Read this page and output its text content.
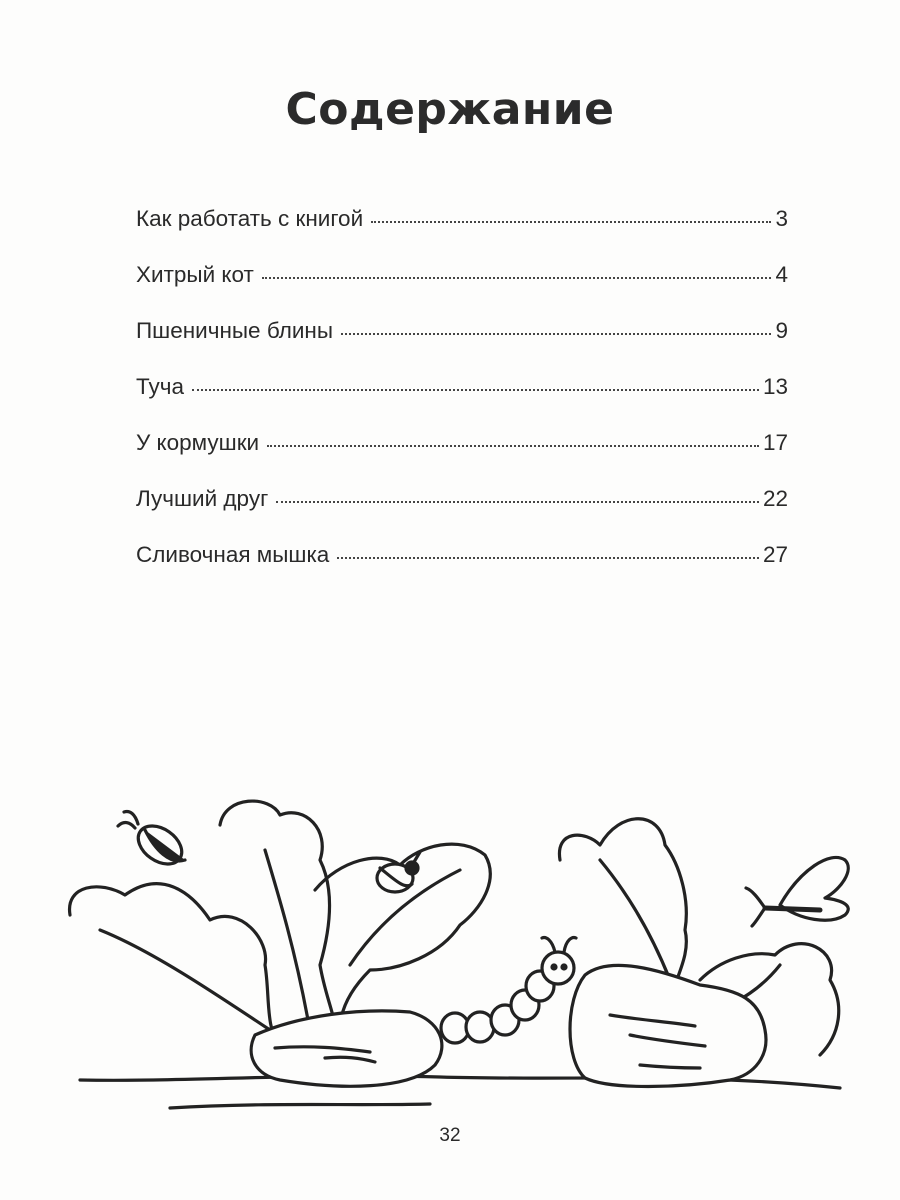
Содержание
Как работать с книгой	3
Хитрый кот	4
Пшеничные блины	9
Туча	13
У кормушки	17
Лучший друг	22
Сливочная мышка	27
32
